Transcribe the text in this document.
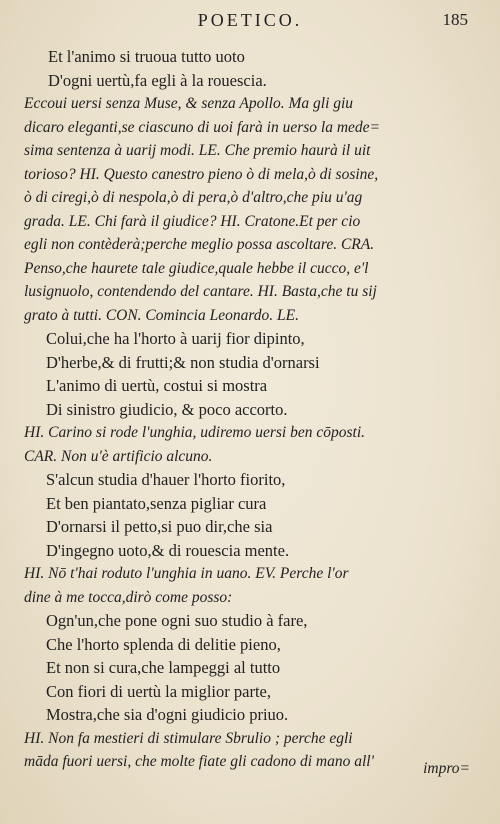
POETICO.	185
Et l'animo si truoua tutto uoto
D'ogni uertù,fa egli à la rouescia.
Eccoui uersi senza Muse, & senza Apollo. Ma gli giu
dicaro eleganti,se ciascuno di uoi farà in uerso la mede=
sima sentenza à uarij modi. LE. Che premio haurà il uit
torioso? HI. Questo canestro pieno ò di mela,ò di sosine,
ò di ciregi,ò di nespola,ò di pera,ò d'altro,che piu u'ag
grada. LE. Chi farà il giudice? HI. Cratone.Et per cio
egli non contèderà;perche meglio possa ascoltare. CRA.
Penso,che haurete tale giudice,quale hebbe il cucco, e'l
lusignuolo, contendendo del cantare. HI. Basta,che tu sij
grato à tutti. CON. Comincia Leonardo. LE.
Colui,che ha l'horto à uarij fior dipinto,
D'herbe,& di frutti;& non studia d'ornarsi
L'animo di uertù, costui si mostra
Di sinistro giudicio, & poco accorto.
HI. Carino si rode l'unghia, udiremo uersi ben cōposti.
CAR. Non u'è artificio alcuno.
S'alcun studia d'hauer l'horto fiorito,
Et ben piantato,senza pigliar cura
D'ornarsi il petto,si puo dir,che sia
D'ingegno uoto,& di rouescia mente.
HI. Nō t'hai roduto l'unghia in uano. EV. Perche l'or
dine à me tocca,dirò come posso:
Ogn'un,che pone ogni suo studio à fare,
Che l'horto splenda di delitie pieno,
Et non si cura,che lampeggi al tutto
Con fiori di uertù la miglior parte,
Mostra,che sia d'ogni giudicio priuo.
HI. Non fa mestieri di stimulare Sbrulio ; perche egli
māda fuori uersi, che molte fiate gli cadono di mano all'	impro=
